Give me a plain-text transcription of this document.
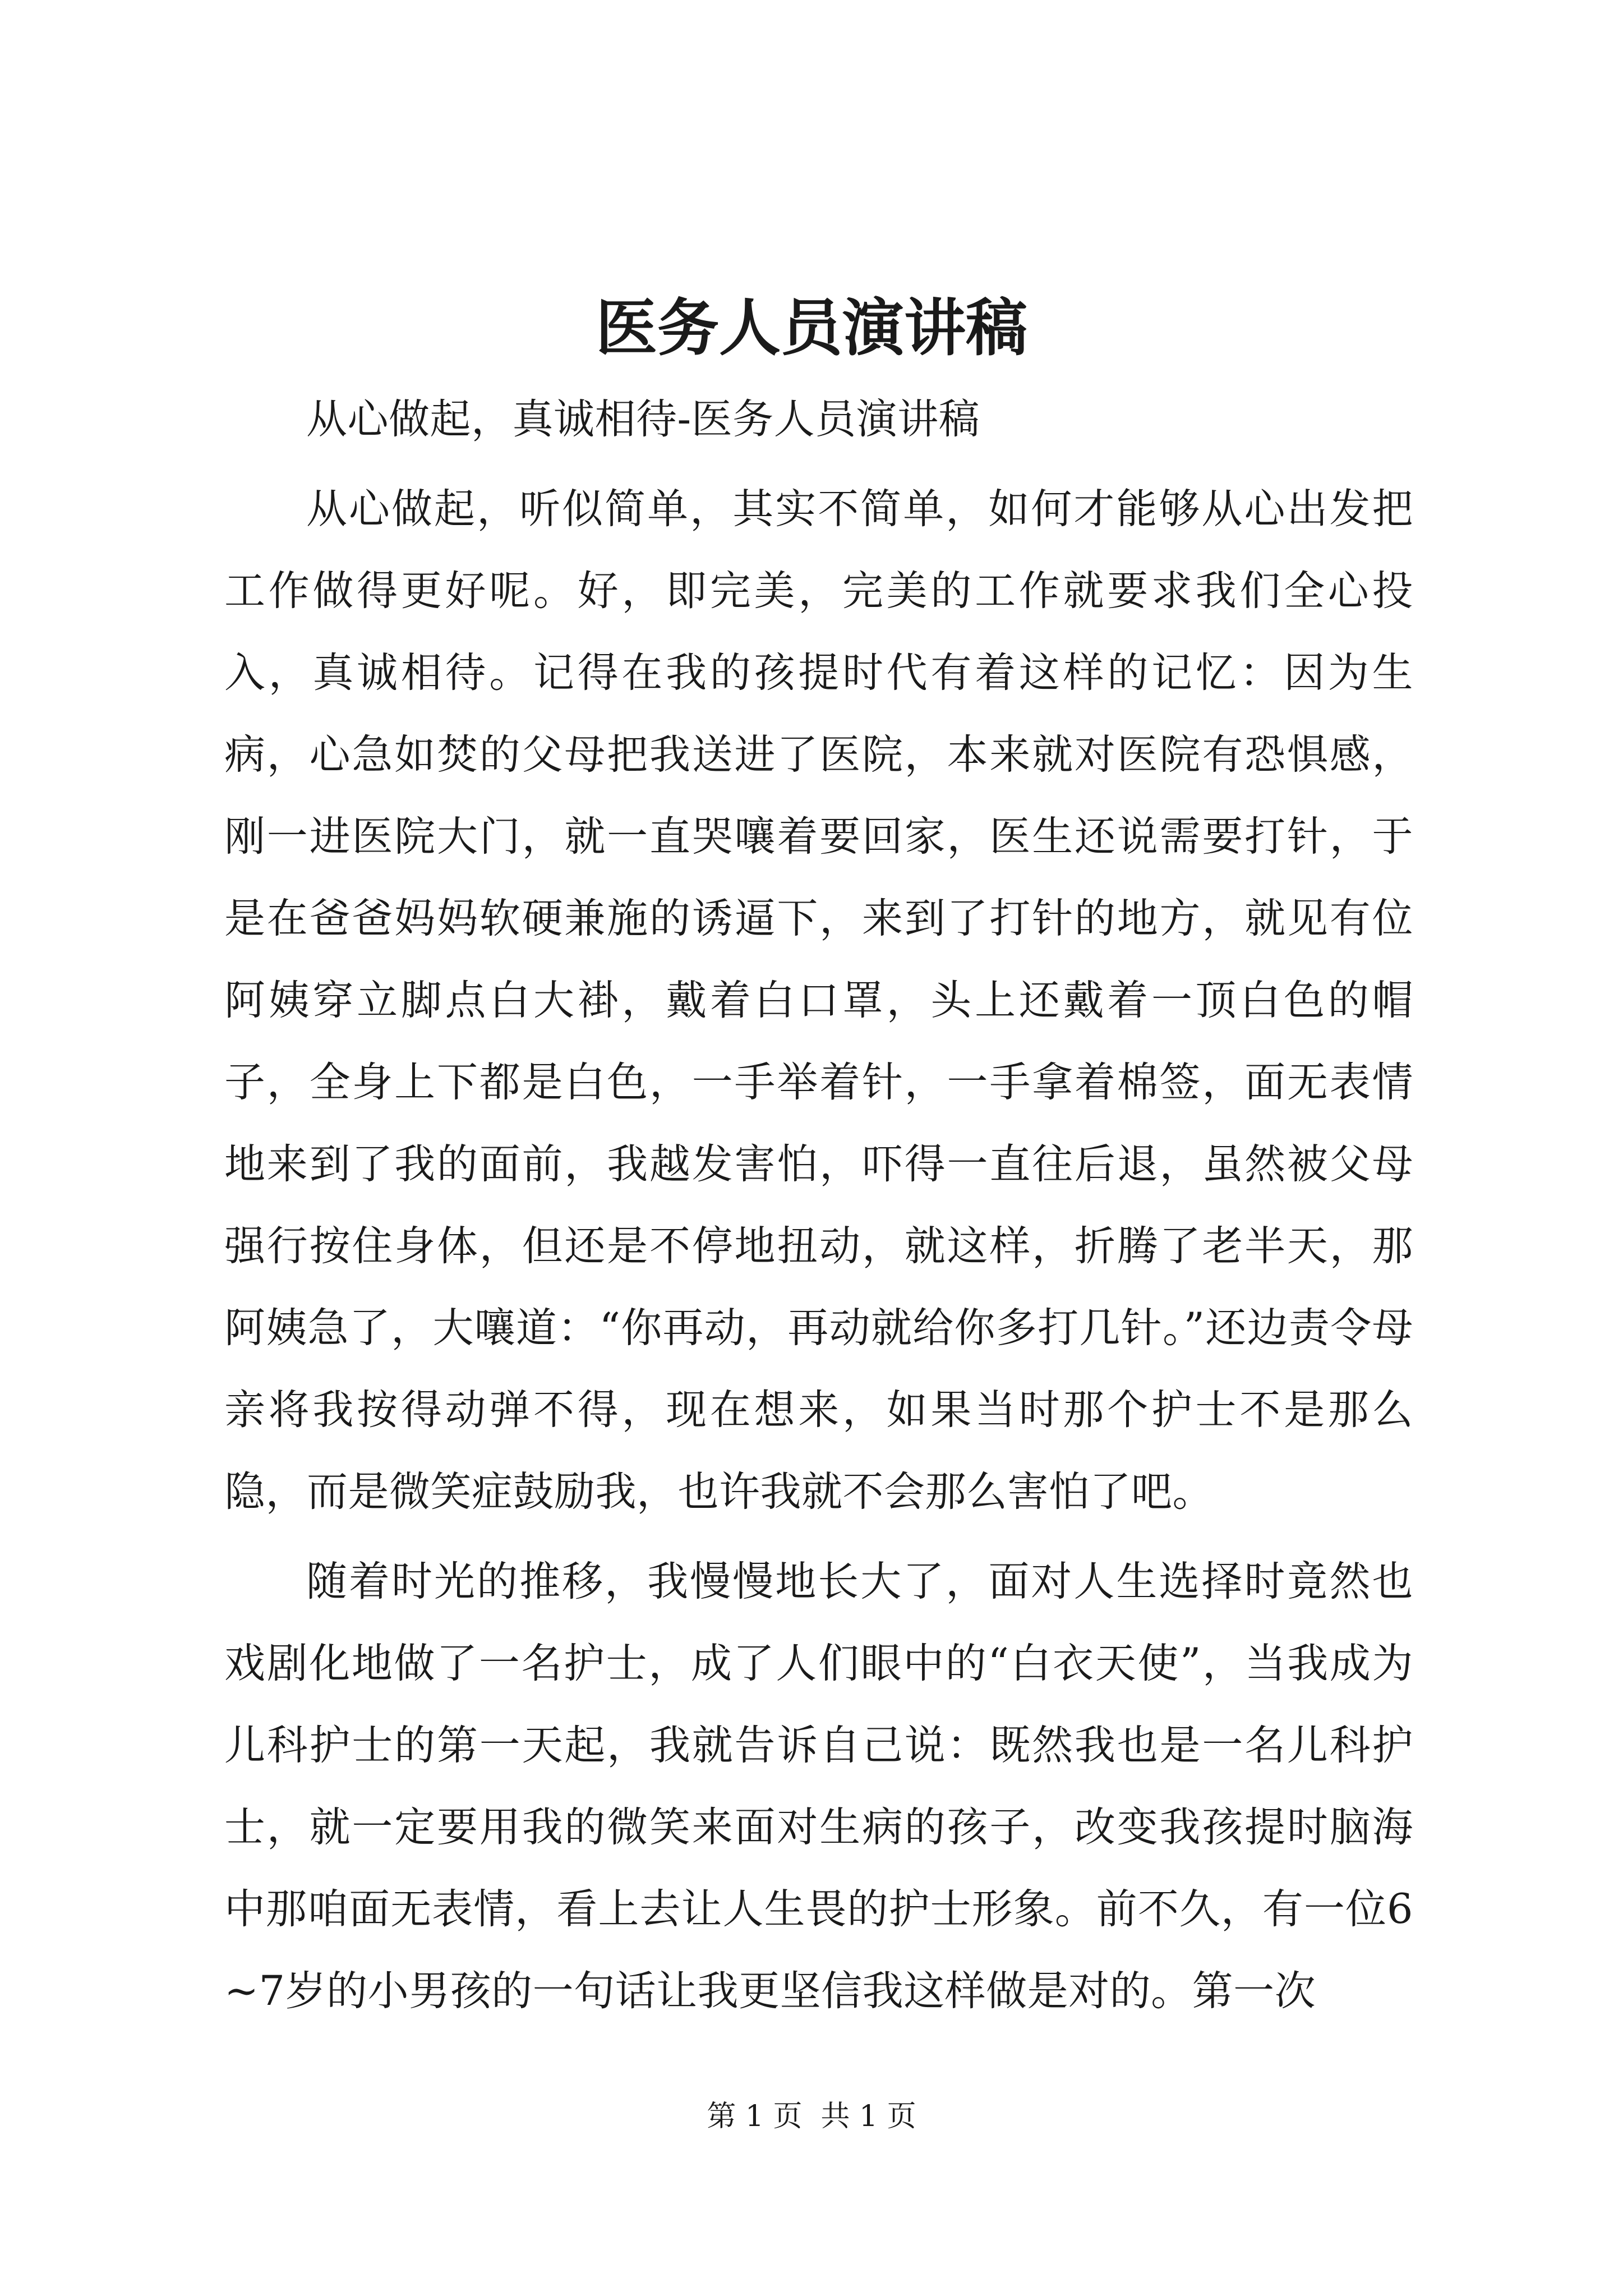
医务人员演讲稿

从心做起，真诚相待-医务人员演讲稿

从心做起，听似简单，其实不简单，如何才能够从心出发把工作做得更好呢。好，即完美，完美的工作就要求我们全心投入，真诚相待。记得在我的孩提时代有着这样的记忆：因为生病，心急如焚的父母把我送进了医院，本来就对医院有恐惧感，刚一进医院大门，就一直哭嚷着要回家，医生还说需要打针，于是在爸爸妈妈软硬兼施的诱逼下，来到了打针的地方，就见有位阿姨穿立脚点白大褂，戴着白口罩，头上还戴着一顶白色的帽子，全身上下都是白色，一手举着针，一手拿着棉签，面无表情地来到了我的面前，我越发害怕，吓得一直往后退，虽然被父母强行按住身体，但还是不停地扭动，就这样，折腾了老半天，那阿姨急了，大嚷道：“你再动，再动就给你多打几针。”还边责令母亲将我按得动弹不得，现在想来，如果当时那个护士不是那么隐，而是微笑症鼓励我，也许我就不会那么害怕了吧。

随着时光的推移，我慢慢地长大了，面对人生选择时竟然也戏剧化地做了一名护士，成了人们眼中的“白衣天使”，当我成为儿科护士的第一天起，我就告诉自己说：既然我也是一名儿科护士，就一定要用我的微笑来面对生病的孩子，改变我孩提时脑海中那咱面无表情，看上去让人生畏的护士形象。前不久，有一位6~7岁的小男孩的一句话让我更坚信我这样做是对的。第一次

第 1 页  共 1 页
